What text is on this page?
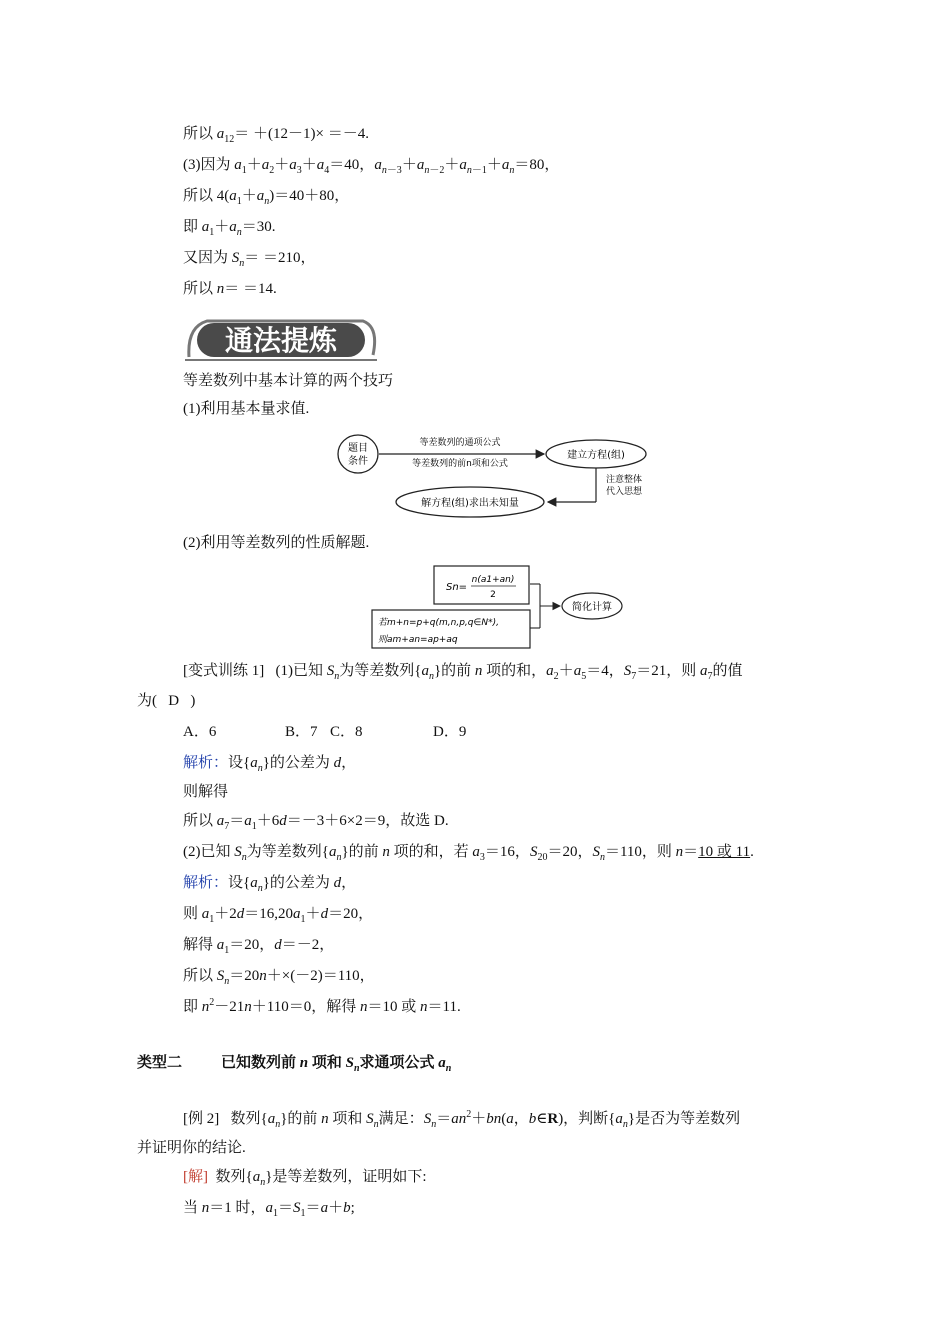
所以 $a_{12}= +(12-1)\times =-4$.
(3)因为 $a_1+a_2+a_3+a_4=40$，$a_{n-3}+a_{n-2}+a_{n-1}+a_n=80$，
所以 $4(a_1+a_n)=40+80$，
即 $a_1+a_n=30$.
又因为 $S_n= =210$，
所以 n＝ ＝14.
通法提炼
等差数列中基本计算的两个技巧
(1)利用基本量求值.
题目
条件
等差数列的通项公式
等差数列的前n项和公式
建立方程(组)
注意整体
代入思想
解方程(组)求出未知量
(2)利用等差数列的性质解题.
Sn=
n(a1+an)
2
若m+n=p+q(m,n,p,q∈N*),
则am+an=ap+aq
简化计算
[变式训练 1]   (1)已知 $S_n$为等差数列$\{a_n\}$的前 n 项的和，$a_2+a_5=4$，$S_7=21$，则 $a_7$的值
为( D )
A．6	B．7 C．8	D．9
解析：设$\{a_n\}$的公差为 d，
则解得
所以 $a_7=a_1+6d=-3+6\times 2=9$，故选 D.
(2)已知 $S_n$为等差数列$\{a_n\}$的前 n 项的和，若 $a_3=16$，$S_{20}=20$，$S_n=110$，则 n＝10 或 11.
解析：设$\{a_n\}$的公差为 d，
则 $a_1+2d=16,20a_1+d=20$，
解得 $a_1=20$，d＝－2，
所以 $S_n=20n+\times(-2)=110$，
即 $n^2-21n+110=0$，解得 n＝10 或 n＝11.
类型二	已知数列前 n 项和 $S_n$求通项公式 $a_n$
[例 2]   数列$\{a_n\}$的前 n 项和 $S_n$满足：$S_n=an^2+bn(a$，b∈R)，判断$\{a_n\}$是否为等差数列
并证明你的结论.
[解]  数列$\{a_n\}$是等差数列，证明如下:
当 n＝1 时，$a_1=S_1=a+b$;
